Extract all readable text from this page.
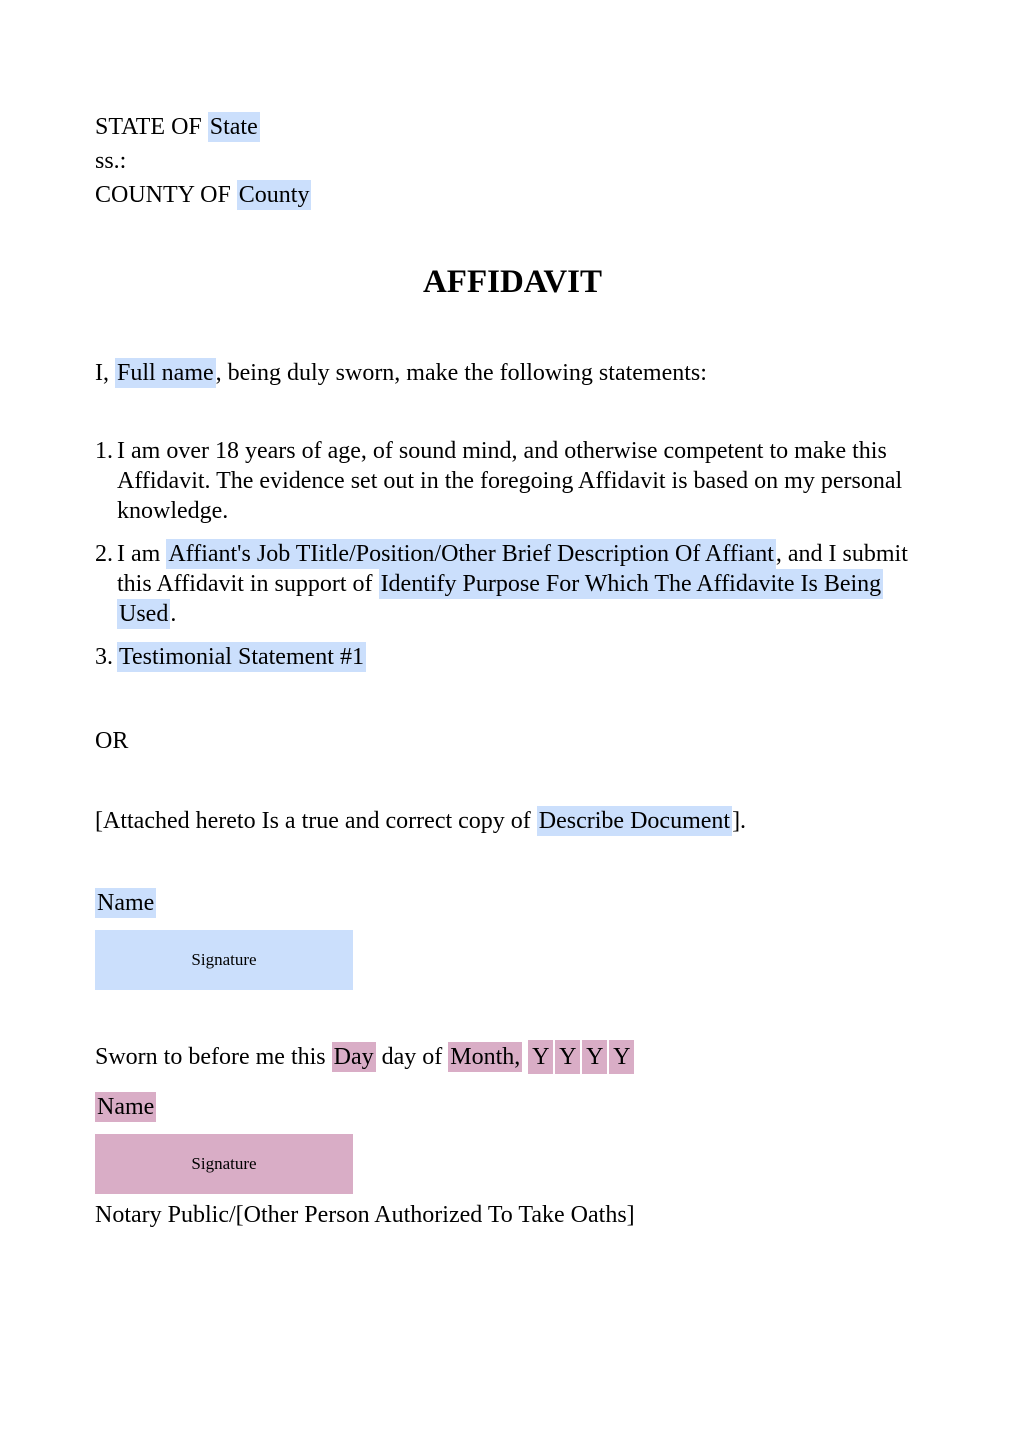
STATE OF State
ss.:
COUNTY OF County
AFFIDAVIT
I, Full name, being duly sworn, make the following statements:
1. I am over 18 years of age, of sound mind, and otherwise competent to make this Affidavit. The evidence set out in the foregoing Affidavit is based on my personal knowledge.
2. I am Affiant's Job TIitle/Position/Other Brief Description Of Affiant, and I submit this Affidavit in support of Identify Purpose For Which The Affidavite Is Being Used.
3. Testimonial Statement #1
OR
[Attached hereto Is a true and correct copy of Describe Document].
Name
Signature
Sworn to before me this Day day of Month, Y Y Y Y
Name
Signature
Notary Public/[Other Person Authorized To Take Oaths]
